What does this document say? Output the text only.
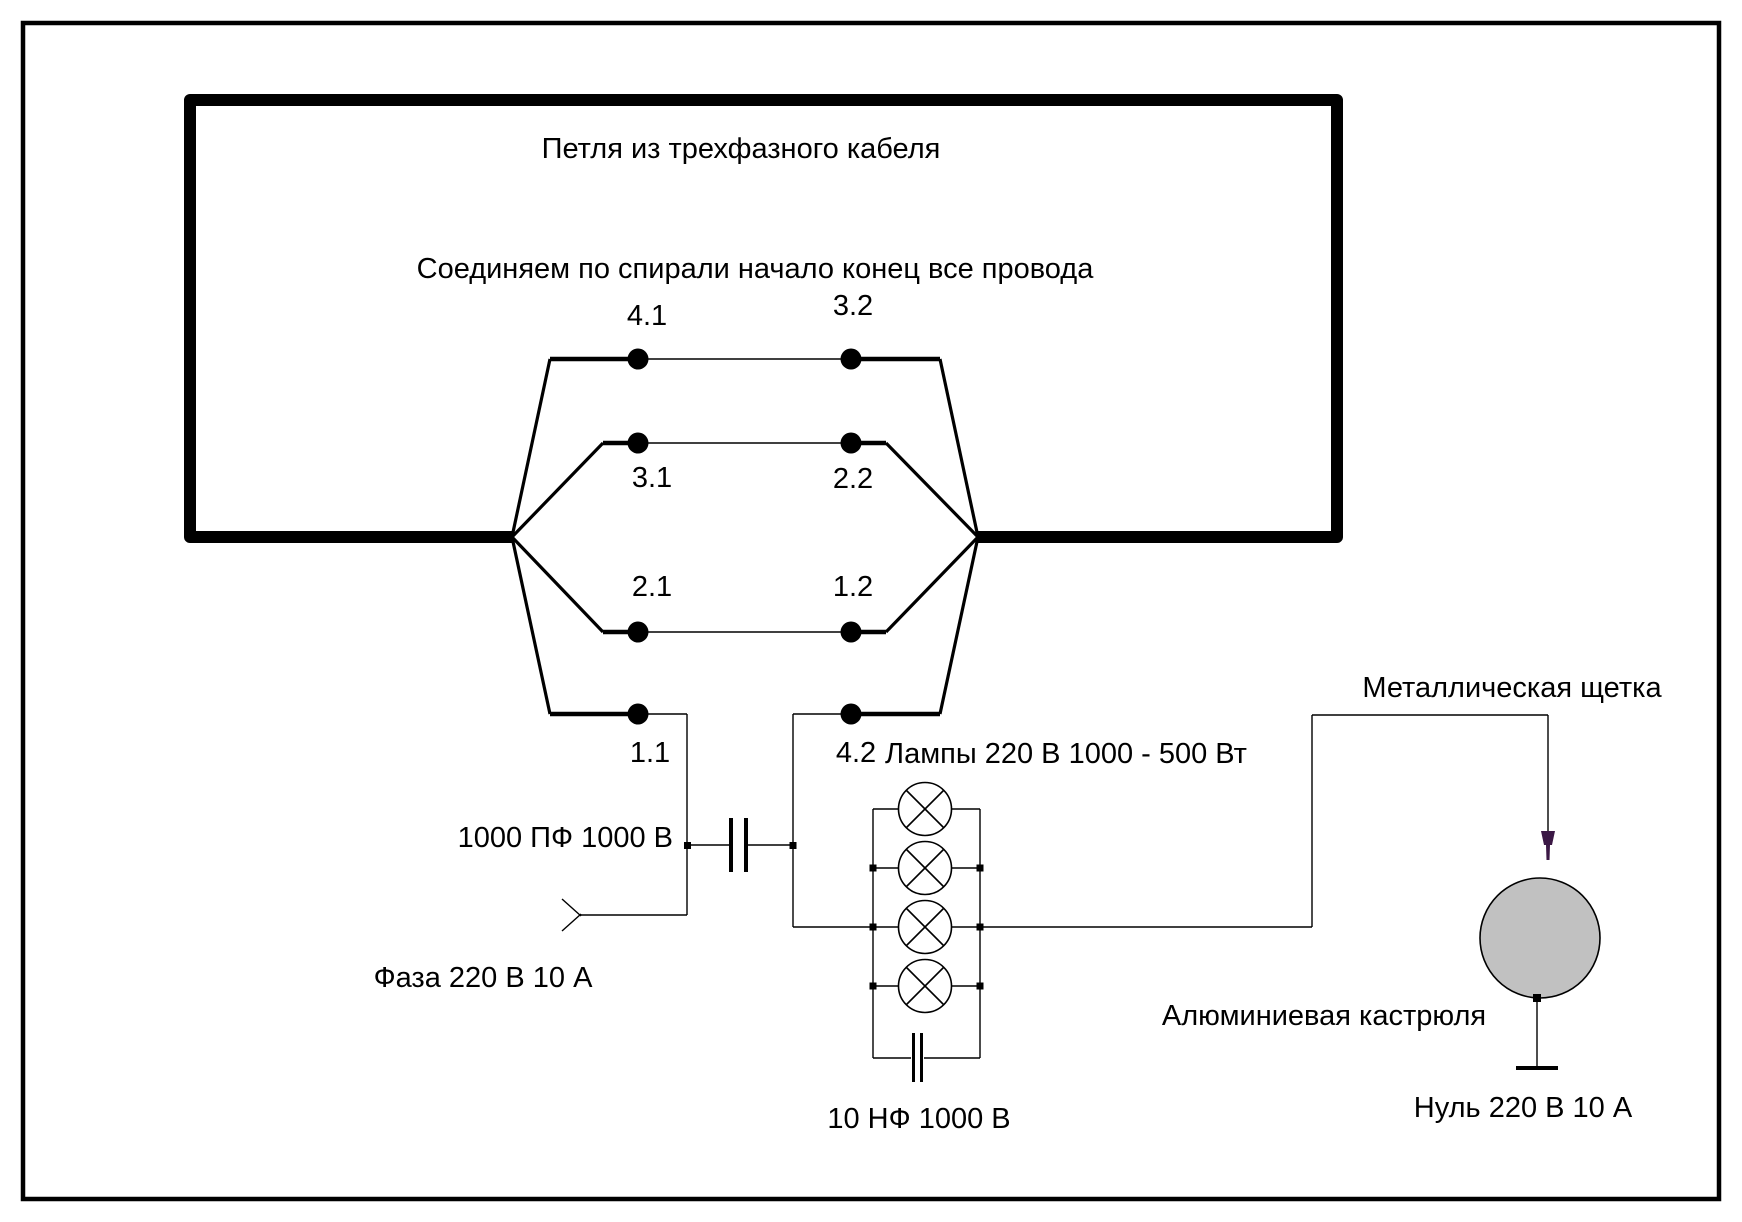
Петля из трехфазного кабеля
Соединяем по спирали начало конец все провода
4.1	3.2
3.1	2.2
2.1	1.2
1.1	4.2
1000 ПФ 1000 В
Фаза 220 В 10 А
Лампы 220 В 1000 - 500 Вт
10 НФ 1000 В
Металлическая щетка
Алюминиевая кастрюля
Нуль 220 В 10 А
